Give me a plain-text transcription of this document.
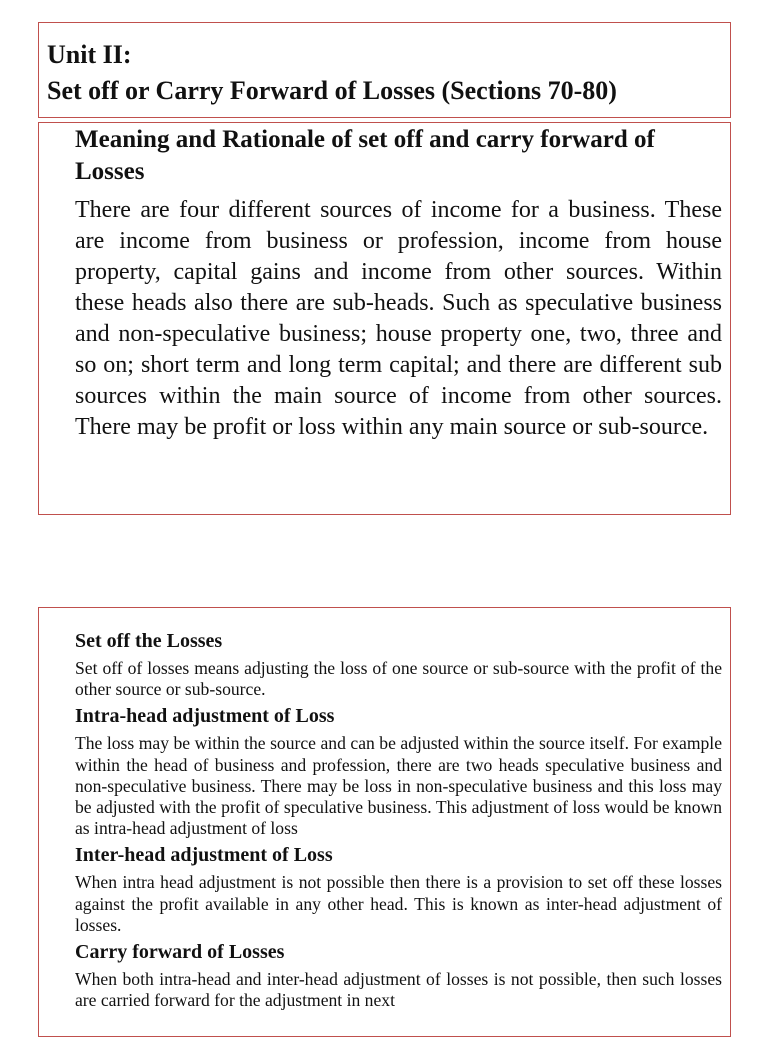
Unit II:
Set off or Carry Forward of Losses (Sections 70-80)

Meaning and Rationale of set off and carry forward of Losses

There are four different sources of income for a business. These are income from business or profession, income from house property, capital gains and income from other sources. Within these heads also there are sub-heads. Such as speculative business and non-speculative business; house property one, two, three and so on; short term and long term capital; and there are different sub sources within the main source of income from other sources. There may be profit or loss within any main source or sub-source.

Set off the Losses

Set off of losses means adjusting the loss of one source or sub-source with the profit of the other source or sub-source.

Intra-head adjustment of Loss

The loss may be within the source and can be adjusted within the source itself. For example within the head of business and profession, there are two heads speculative business and non-speculative business. There may be loss in non-speculative business and this loss may be adjusted with the profit of speculative business. This adjustment of loss would be known as intra-head adjustment of loss

Inter-head adjustment of Loss

When intra head adjustment is not possible then there is a provision to set off these losses against the profit available in any other head. This is known as inter-head adjustment of losses.

Carry forward of Losses

When both intra-head and inter-head adjustment of losses is not possible, then such losses are carried forward for the adjustment in next
